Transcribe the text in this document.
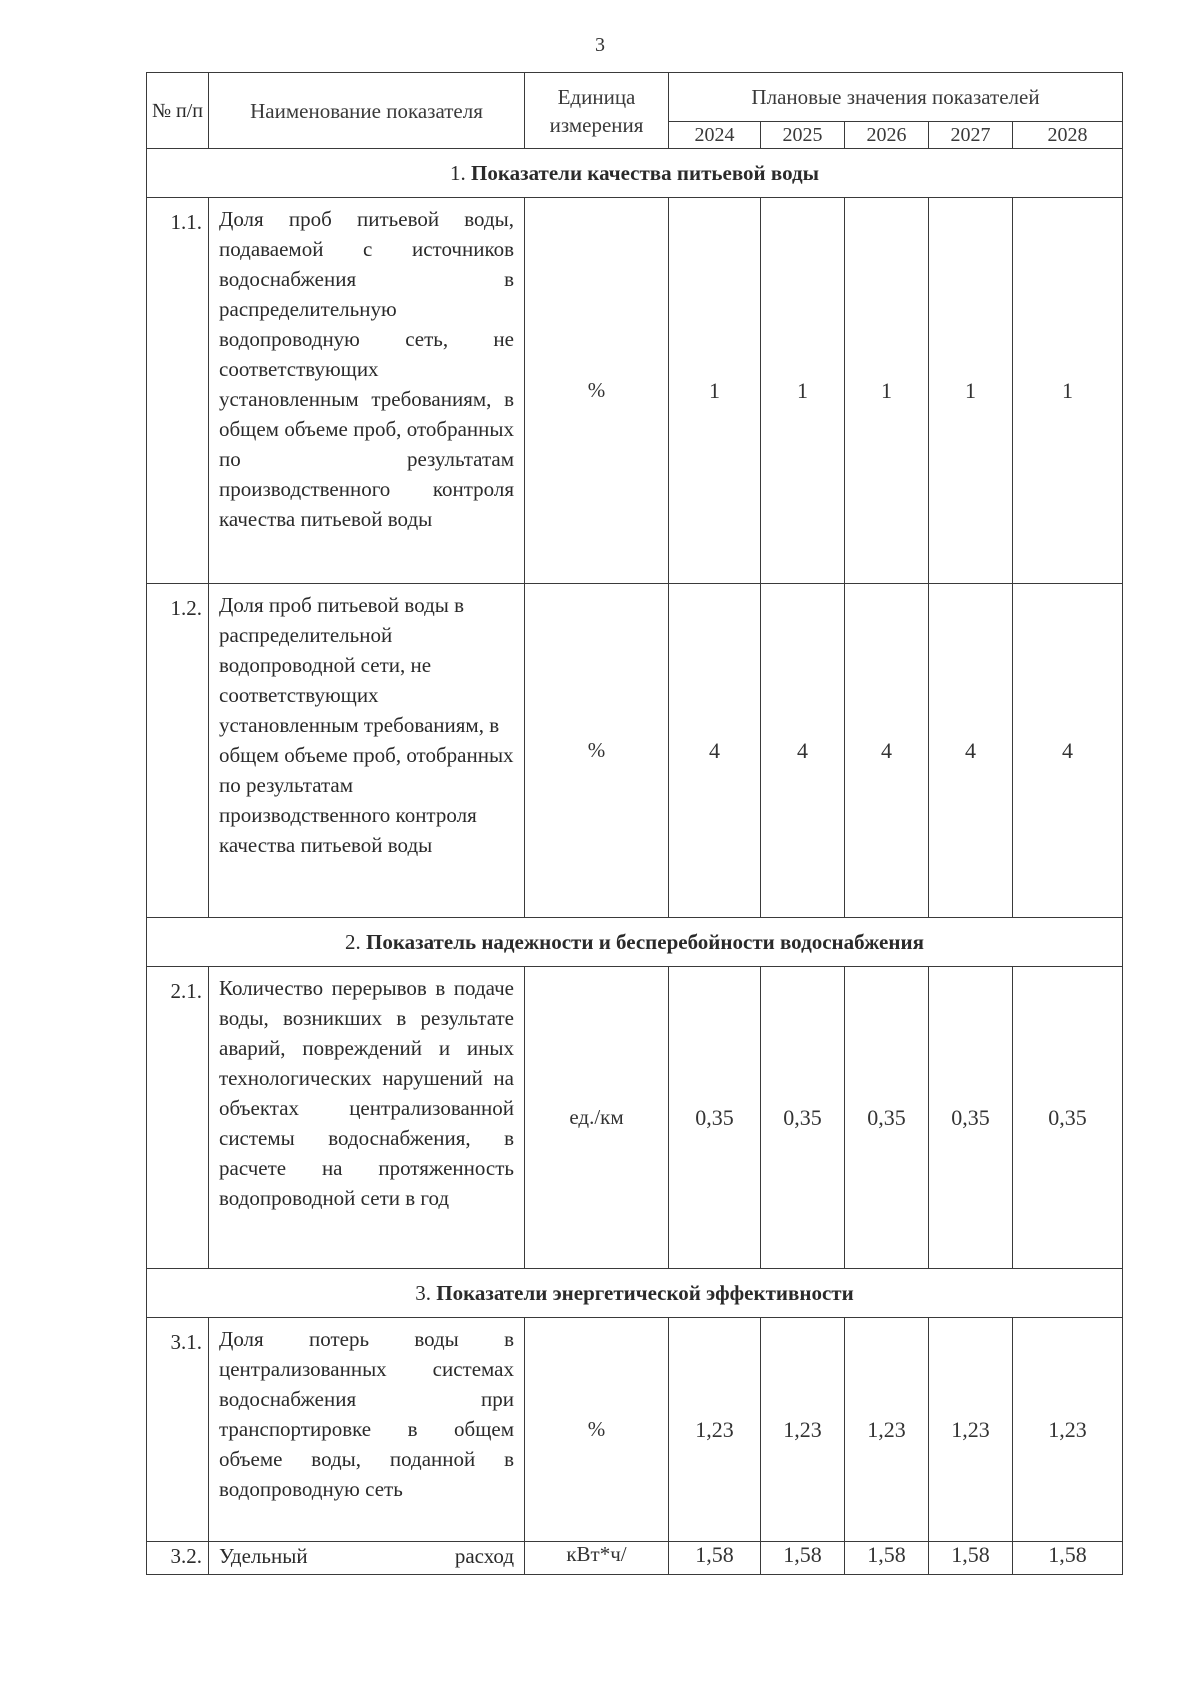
3
№ п/п	Наименование показателя	Единица измерения	Плановые значения показателей				
			2024	2025	2026	2027	2028
1. Показатели качества питьевой воды							
1.1.	Доля проб питьевой воды, подаваемой с источников водоснабжения в распределительную водопроводную сеть, не соответствующих установленным требованиям, в общем объеме проб, отобранных по результатам производственного контроля качества питьевой воды	%	1	1	1	1	1
1.2.	Доля проб питьевой воды в распределительной водопроводной сети, не соответствующих установленным требованиям, в общем объеме проб, отобранных по результатам производственного контроля качества питьевой воды	%	4	4	4	4	4
2. Показатель надежности и бесперебойности водоснабжения							
2.1.	Количество перерывов в подаче воды, возникших в результате аварий, повреждений и иных технологических нарушений на объектах централизованной системы водоснабжения, в расчете на протяженность водопроводной сети в год	ед./км	0,35	0,35	0,35	0,35	0,35
3. Показатели энергетической эффективности							
3.1.	Доля потерь воды в централизованных системах водоснабжения при транспортировке в общем объеме воды, поданной в водопроводную сеть	%	1,23	1,23	1,23	1,23	1,23
3.2.	Удельный расход	кВт*ч/	1,58	1,58	1,58	1,58	1,58
